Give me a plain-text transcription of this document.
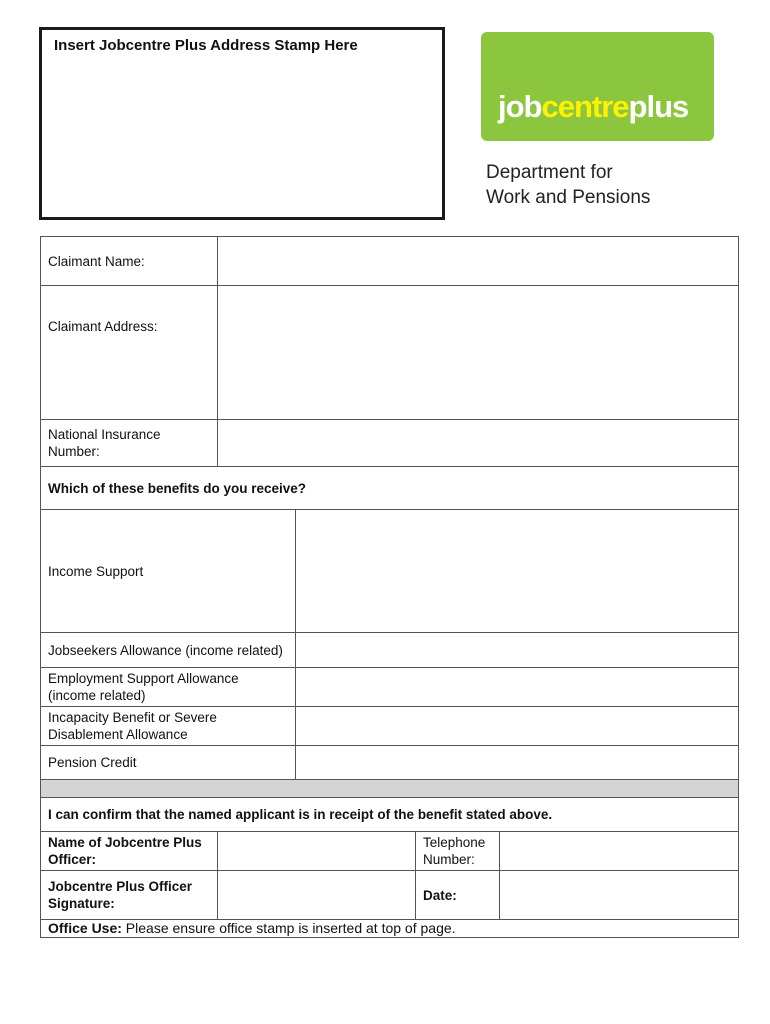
Insert Jobcentre Plus Address Stamp Here
jobcentreplus
Department for
Work and Pensions
Claimant Name:				
Claimant Address:				
National Insurance Number:				
Which of these benefits do you receive?				
Income Support				
Jobseekers Allowance (income related)				
Employment Support Allowance (income related)				
Incapacity Benefit or Severe Disablement Allowance				
Pension Credit				

I can confirm that the named applicant is in receipt of the benefit stated above.				
Name of Jobcentre Plus Officer:			Telephone Number:	
Jobcentre Plus Officer Signature:			Date:	
Office Use: Please ensure office stamp is inserted at top of page.				
